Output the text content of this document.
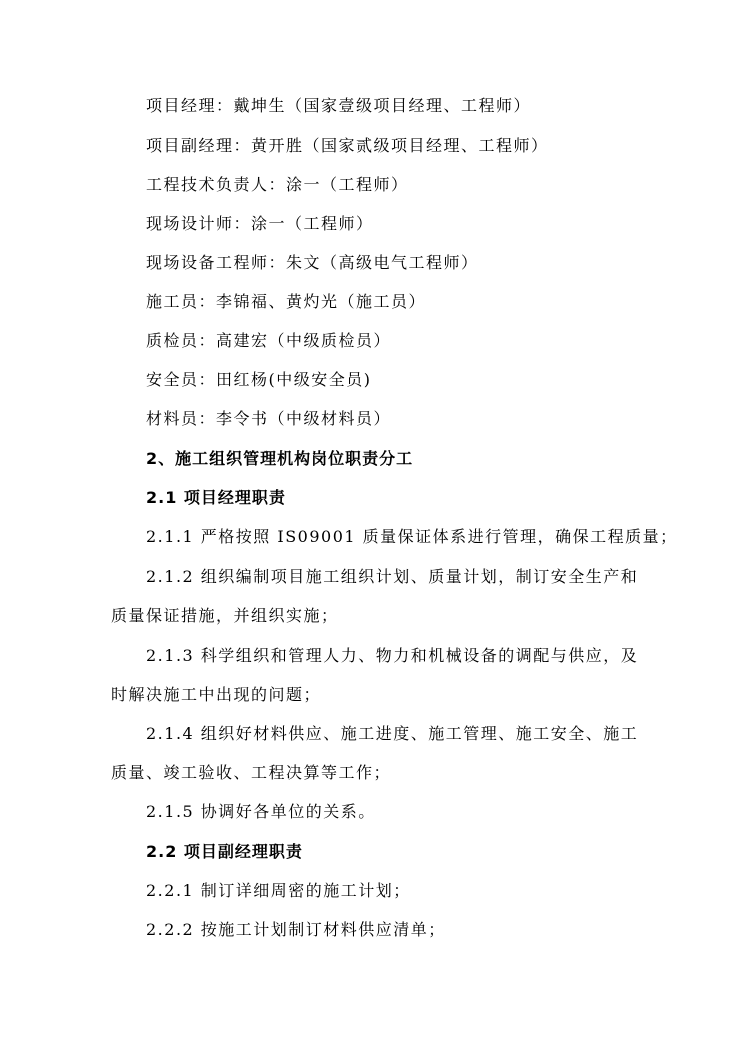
项目经理：戴坤生（国家壹级项目经理、工程师）
项目副经理：黄开胜（国家贰级项目经理、工程师）
工程技术负责人：涂一（工程师）
现场设计师：涂一（工程师）
现场设备工程师：朱文（高级电气工程师）
施工员：李锦福、黄灼光（施工员）
质检员：高建宏（中级质检员）
安全员：田红杨(中级安全员)
材料员：李令书（中级材料员）
2、施工组织管理机构岗位职责分工
2.1 项目经理职责
2.1.1 严格按照 IS09001 质量保证体系进行管理，确保工程质量；
2.1.2 组织编制项目施工组织计划、质量计划，制订安全生产和
质量保证措施，并组织实施；
2.1.3 科学组织和管理人力、物力和机械设备的调配与供应，及
时解决施工中出现的问题；
2.1.4 组织好材料供应、施工进度、施工管理、施工安全、施工
质量、竣工验收、工程决算等工作；
2.1.5 协调好各单位的关系。
2.2 项目副经理职责
2.2.1 制订详细周密的施工计划；
2.2.2 按施工计划制订材料供应清单；
